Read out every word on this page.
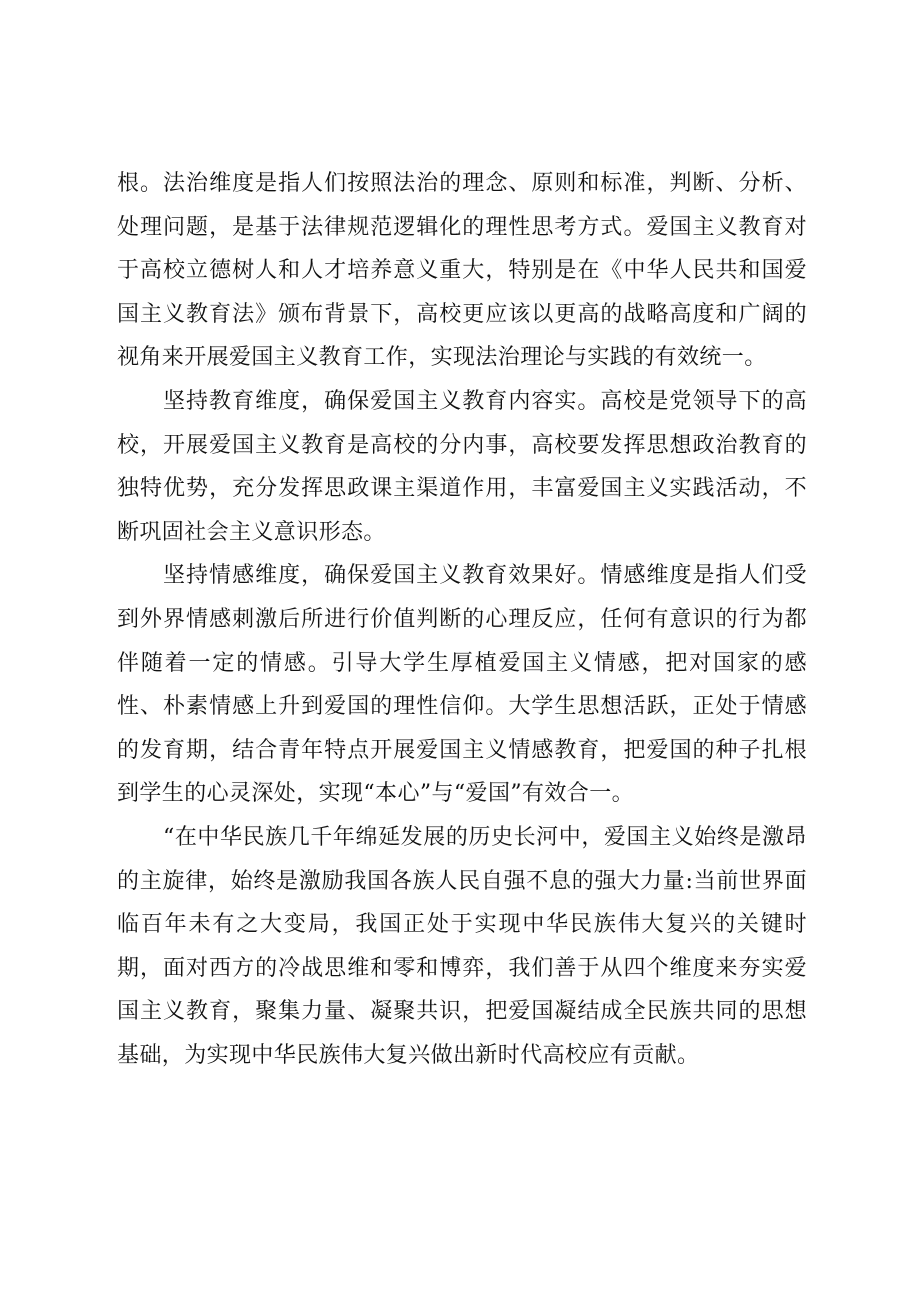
根。法治维度是指人们按照法治的理念、原则和标准，判断、分析、处理问题，是基于法律规范逻辑化的理性思考方式。爱国主义教育对于高校立德树人和人才培养意义重大，特别是在《中华人民共和国爱国主义教育法》颁布背景下，高校更应该以更高的战略高度和广阔的视角来开展爱国主义教育工作，实现法治理论与实践的有效统一。

坚持教育维度，确保爱国主义教育内容实。高校是党领导下的高校，开展爱国主义教育是高校的分内事，高校要发挥思想政治教育的独特优势，充分发挥思政课主渠道作用，丰富爱国主义实践活动，不断巩固社会主义意识形态。

坚持情感维度，确保爱国主义教育效果好。情感维度是指人们受到外界情感刺激后所进行价值判断的心理反应，任何有意识的行为都伴随着一定的情感。引导大学生厚植爱国主义情感，把对国家的感性、朴素情感上升到爱国的理性信仰。大学生思想活跃，正处于情感的发育期，结合青年特点开展爱国主义情感教育，把爱国的种子扎根到学生的心灵深处，实现“本心”与“爱国”有效合一。

“在中华民族几千年绵延发展的历史长河中，爱国主义始终是激昂的主旋律，始终是激励我国各族人民自强不息的强大力量:当前世界面临百年未有之大变局，我国正处于实现中华民族伟大复兴的关键时期，面对西方的冷战思维和零和博弈，我们善于从四个维度来夯实爱国主义教育，聚集力量、凝聚共识，把爱国凝结成全民族共同的思想基础，为实现中华民族伟大复兴做出新时代高校应有贡献。
